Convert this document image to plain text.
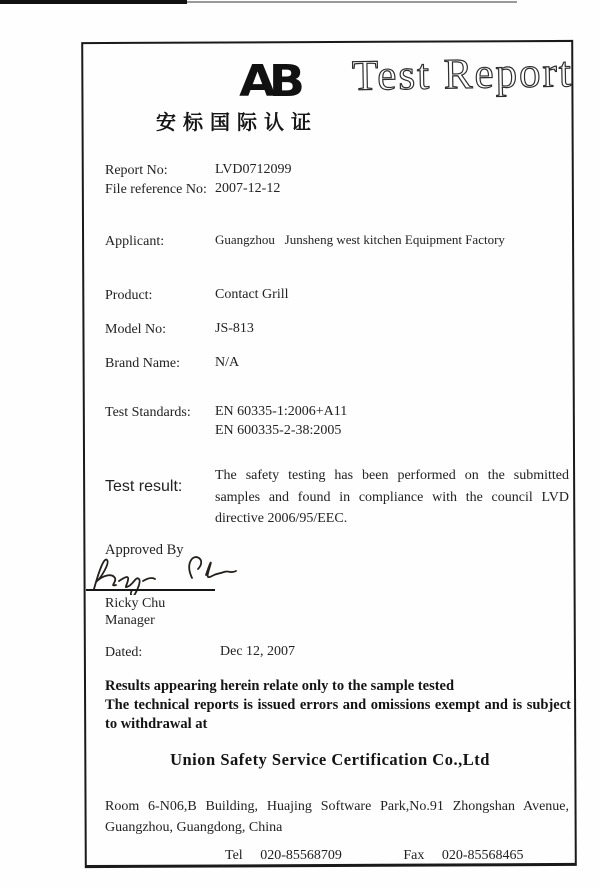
AB
安标国际认证
Test Report
Report No:	LVD0712099
File reference No: 2007-12-12
Applicant:	Guangzhou   Junsheng west kitchen Equipment Factory
Product:	Contact Grill
Model No:	JS-813
Brand Name: N/A
Test Standards: EN 60335-1:2006+A11
EN 600335-2-38:2005
Test result:
The safety testing has been performed on the submitted samples and found in compliance with the council LVD directive 2006/95/EEC.
Approved By
Ricky Chu
Manager
Dated:	Dec 12, 2007
Results appearing herein relate only to the sample tested
The technical reports is issued errors and omissions exempt and is subject to withdrawal at
Union Safety Service Certification Co.,Ltd
Room 6-N06,B Building, Huajing Software Park,No.91 Zhongshan Avenue, Guangzhou, Guangdong, China
Tel 020-85568709	Fax 020-85568465
